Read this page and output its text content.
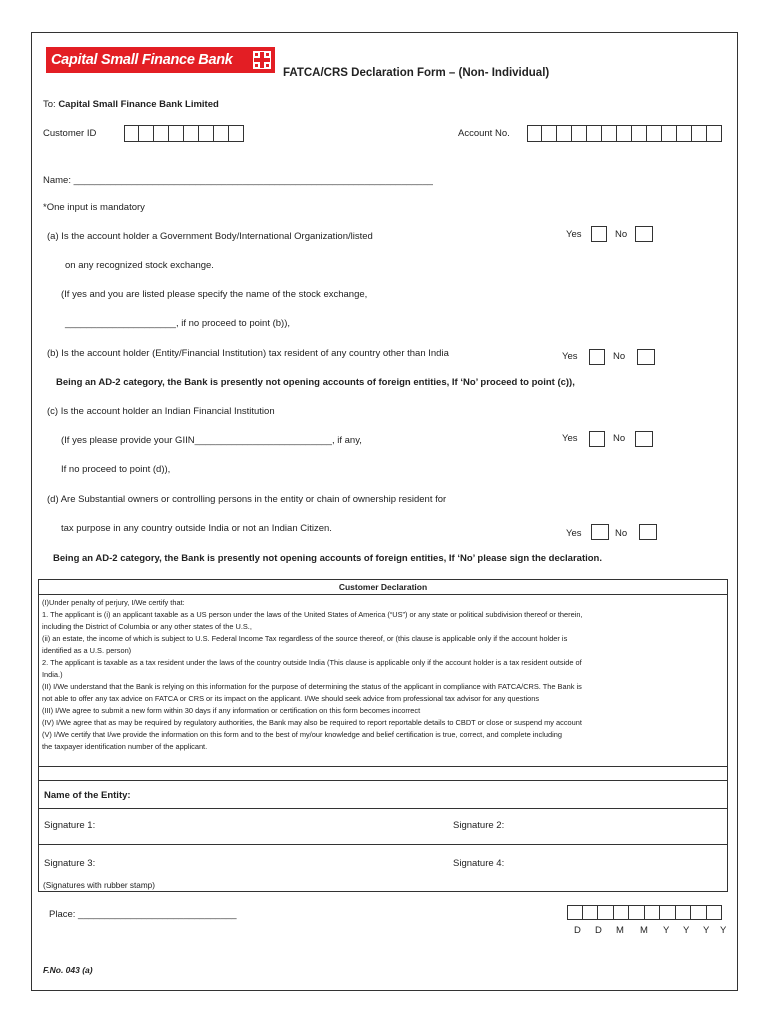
Capital Small Finance Bank
FATCA/CRS Declaration Form – (Non- Individual)
To: Capital Small Finance Bank Limited
Customer ID	Account No.
Name: ____________________________________________________________________
*One input is mandatory
(a) Is the account holder a Government Body/International Organization/listed	Yes	No
on any recognized stock exchange.
(If yes and you are listed please specify the name of the stock exchange,
_____________________, if no proceed to point (b)),
(b) Is the account holder (Entity/Financial Institution) tax resident of any country other than India	Yes	No
Being an AD-2 category, the Bank is presently not opening accounts of foreign entities, If ‘No’ proceed to point (c)),
(c) Is the account holder an Indian Financial Institution
(If yes please provide your GIIN__________________________, if any,	Yes	No
If no proceed to point (d)),
(d) Are Substantial owners or controlling persons in the entity or chain of ownership resident for
tax purpose in any country outside India or not an Indian Citizen.	Yes	No
Being an AD-2 category, the Bank is presently not opening accounts of foreign entities, If ‘No’ please sign the declaration.
Customer Declaration

(I)Under penalty of perjury, I/We certify that:

1. The applicant is (i) an applicant taxable as a US person under the laws of the United States of America (“US”) or any state or political subdivision thereof or therein,

including the District of Columbia or any other states of the U.S.,

(ii) an estate, the income of which is subject to U.S. Federal Income Tax regardless of the source thereof, or (this clause is applicable only if the account holder is

identified as a U.S. person)

2. The applicant is taxable as a tax resident under the laws of the country outside India (This clause is applicable only if the account holder is a tax resident outside of

India.)

(II) I/We understand that the Bank is relying on this information for the purpose of determining the status of the applicant in compliance with FATCA/CRS. The Bank is

not able to offer any tax advice on FATCA or CRS or its impact on the applicant. I/We should seek advice from professional tax advisor for any questions

(III) I/We agree to submit a new form within 30 days if any information or certification on this form becomes incorrect

(IV) I/We agree that as may be required by regulatory authorities, the Bank may also be required to report reportable details to CBDT or close or suspend my account

(V) I/We certify that I/we provide the information on this form and to the best of my/our knowledge and belief certification is true, correct, and complete including

the taxpayer identification number of the applicant.

Name of the Entity:
Signature 1:	Signature 2:
Signature 3:	Signature 4:
(Signatures with rubber stamp)
Place: ______________________________
D D M M Y Y Y Y
F.No. 043 (a)
